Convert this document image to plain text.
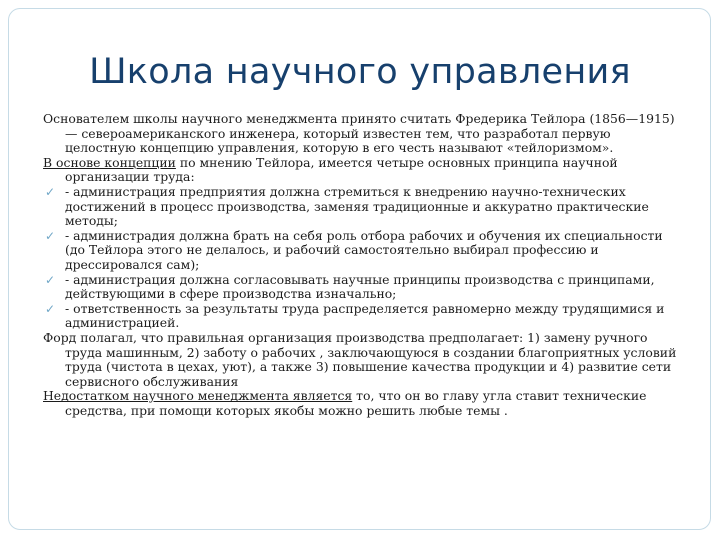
Школа научного управления

Основателем школы научного менеджмента принято считать Фредерика Тейлора (1856—1915) — североамериканского инженера, который известен тем, что разработал первую целостную концепцию управления, которую в его честь называют «тейлоризмом».

В основе концепции по мнению Тейлора, имеется четыре основных принципа научной организации труда:

✓ - администрация предприятия должна стремиться к внедрению научно-технических достижений в процесс производства, заменяя традиционные и аккуратно практические методы;
✓ - администрадия должна брать на себя роль отбора рабочих и обучения их специальности (до Тейлора этого не делалось, и рабочий самостоятельно выбирал профессию и дрессировался сам);
✓ - администрация должна согласовывать научные принципы производства с принципами, действующими в сфере производства изначально;
✓ - ответственность за результаты труда распределяется равномерно между трудящимися и администрацией.

Форд полагал, что правильная организация производства предполагает: 1) замену ручного труда машинным, 2) заботу о рабочих , заключающуюся в создании благоприятных условий труда (чистота в цехах, уют), а также 3) повышение качества продукции и 4) развитие сети сервисного обслуживания

Недостатком научного менеджмента является то, что он во главу угла ставит технические средства, при помощи которых якобы можно решить любые темы .
